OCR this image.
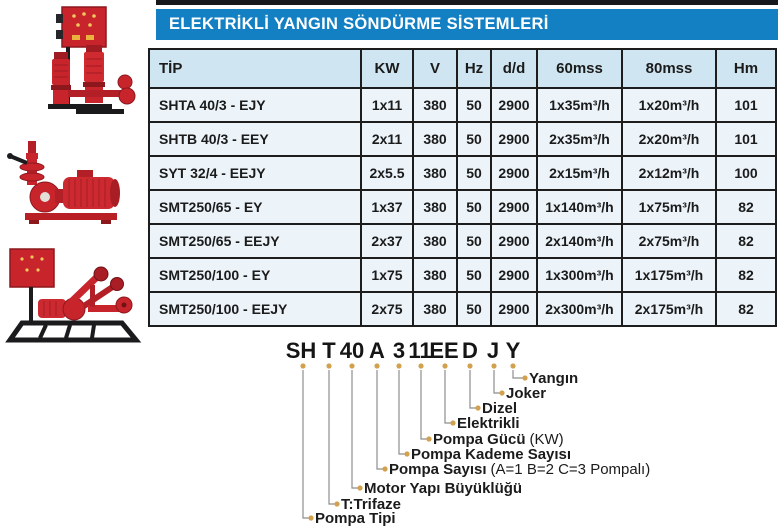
ELEKTRİKLİ YANGIN SÖNDÜRME SİSTEMLERİ
TİP	KW	V	Hz	d/d	60mss	80mss	Hm
SHTA 40/3 - EJY	1x11	380	50	2900	1x35m³/h	1x20m³/h	101
SHTB 40/3 - EEY	2x11	380	50	2900	2x35m³/h	2x20m³/h	101
SYT 32/4 - EEJY	2x5.5	380	50	2900	2x15m³/h	2x12m³/h	100
SMT250/65 - EY	1x37	380	50	2900	1x140m³/h	1x75m³/h	82
SMT250/65 - EEJY	2x37	380	50	2900	2x140m³/h	2x75m³/h	82
SMT250/100 - EY	1x75	380	50	2900	1x300m³/h	1x175m³/h	82
SMT250/100 - EEJY	2x75	380	50	2900	2x300m³/h	2x175m³/h	82
SH T 40 A 3 11
EE D J Y
Yangın
Joker
Dizel
Elektrikli
Pompa Gücü (KW)
Pompa Kademe Sayısı
Pompa Sayısı (A=1 B=2 C=3 Pompalı)
Motor Yapı Büyüklüğü
T:Trifaze
Pompa Tipi
